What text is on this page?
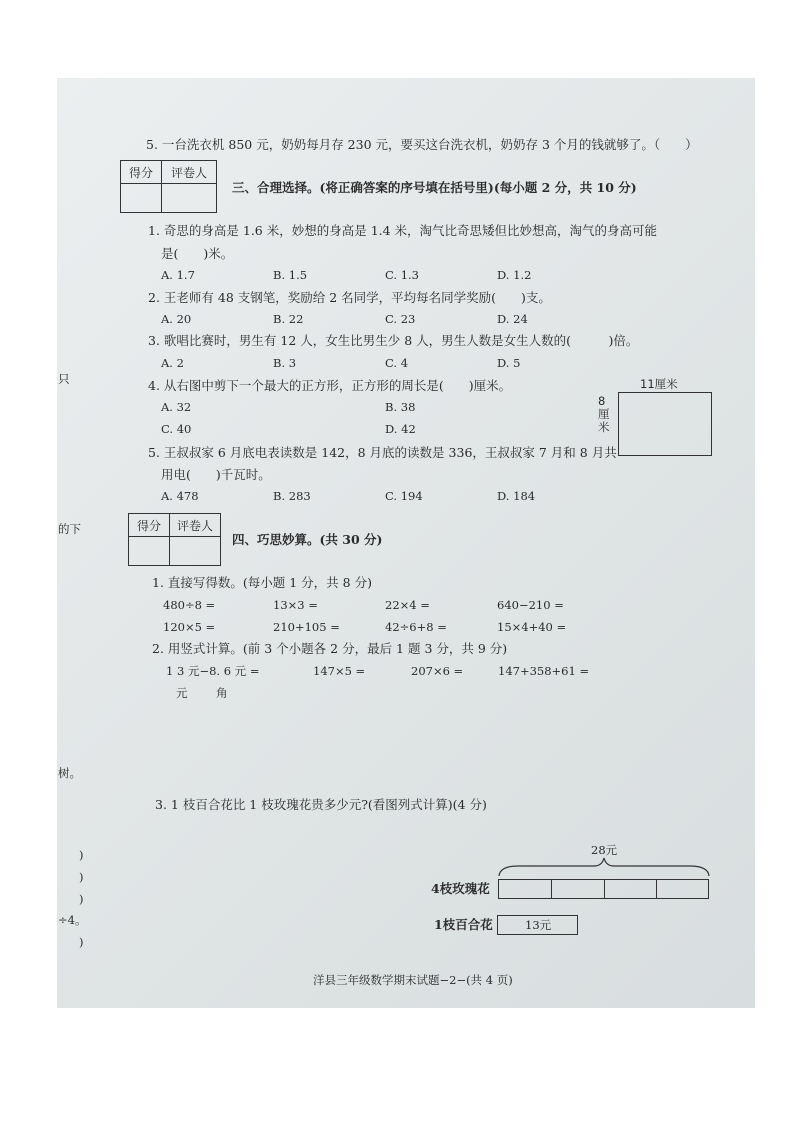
5. 一台洗衣机 850 元，奶奶每月存 230 元，要买这台洗衣机，奶奶存 3 个月的钱就够了。（　　）
得分	评卷人

三、合理选择。(将正确答案的序号填在括号里)(每小题 2 分，共 10 分)
1. 奇思的身高是 1.6 米，妙想的身高是 1.4 米，淘气比奇思矮但比妙想高，淘气的身高可能
是(　　)米。
A. 1.7	B. 1.5	C. 1.3	D. 1.2
2. 王老师有 48 支钢笔，奖励给 2 名同学，平均每名同学奖励(　　)支。
A. 20	B. 22	C. 23	D. 24
3. 歌唱比赛时，男生有 12 人，女生比男生少 8 人，男生人数是女生人数的(　　　)倍。
A. 2	B. 3	C. 4	D. 5
4. 从右图中剪下一个最大的正方形，正方形的周长是(　　)厘米。
A. 32	B. 38
C. 40	D. 42
11厘米
8厘米
5. 王叔叔家 6 月底电表读数是 142，8 月底的读数是 336，王叔叔家 7 月和 8 月共
用电(　　)千瓦时。
A. 478	B. 283	C. 194	D. 184
得分	评卷人

四、巧思妙算。(共 30 分)
1. 直接写得数。(每小题 1 分，共 8 分)
480÷8 =	13×3 =	22×4 =	640−210 =
120×5 =	210+105 =	42÷6+8 =	15×4+40 =
2. 用竖式计算。(前 3 个小题各 2 分，最后 1 题 3 分，共 9 分)
1 3 元−8. 6 元 =	147×5 =	207×6 =	147+358+61 =
元 角
3. 1 枝百合花比 1 枝玫瑰花贵多少元?(看图列式计算)(4 分)
28元
4枝玫瑰花
1枝百合花	13元
只
的下
树。
)
)
)
÷4。
)
洋县三年级数学期末试题−2−(共 4 页)
